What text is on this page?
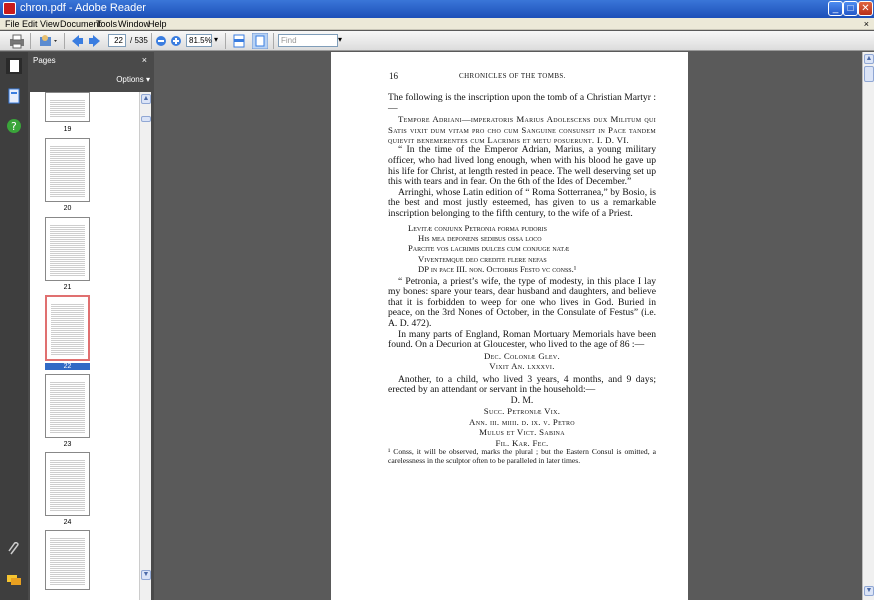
chron.pdf - Adobe Reader	_ □ ✕
File Edit View Document
Tools Window
Help	×
22 / 535	81.5% ▾	Find	▾
?
Pages	×
Options ▾
19
20
21
22
23
24
▲
▼
▲
▼
16	CHRONICLES OF THE TOMBS.

The following is the inscription upon the tomb of a Christian Martyr :—

Tempore Adriani—imperatoris Marius Adolescens dux Militum qui Satis vixit dum vitam pro cho cum Sanguine consunsit in Pace tandem quievit benemerentes cum Lacrimis et metu posuerunt. I. D. VI.

“ In the time of the Emperor Adrian, Marius, a young military officer, who had lived long enough, when with his blood he gave up his life for Christ, at length rested in peace. The well deserving set up this with tears and in fear. On the 6th of the Ides of December.”

Arringhi, whose Latin edition of “ Roma Sotterranea,” by Bosio, is the best and most justly esteemed, has given to us a remarkable inscription belonging to the fifth century, to the wife of a Priest.

Levitæ conjunx Petronia forma pudoris

His mea deponens sedibus ossa loco

Parcite vos lacrimis dulces cum conjuge natæ

Viventemque deo credite flere nefas

DP in pace III. non. Octobris Festo vc conss.¹

“ Petronia, a priest’s wife, the type of modesty, in this place I lay my bones: spare your tears, dear husband and daughters, and believe that it is forbidden to weep for one who lives in God. Buried in peace, on the 3rd Nones of October, in the Consulate of Festus” (i.e. A. D. 472).

In many parts of England, Roman Mortuary Memorials have been found. On a Decurion at Gloucester, who lived to the age of 86 :—

Dec. Coloniæ Glev.

Vixit An. lxxxvi.

Another, to a child, who lived 3 years, 4 months, and 9 days; erected by an attendant or servant in the household:—

D. M.

Succ. Petroniæ Vix.

Ann. iii. miiii. d. ix. v. Petro

Mulus et Vict. Sabina

Fil. Kar. Fec.

¹ Conss, it will be observed, marks the plural ; but the Eastern Consul is omitted, a carelessness in the sculptor often to be paralleled in later times.
